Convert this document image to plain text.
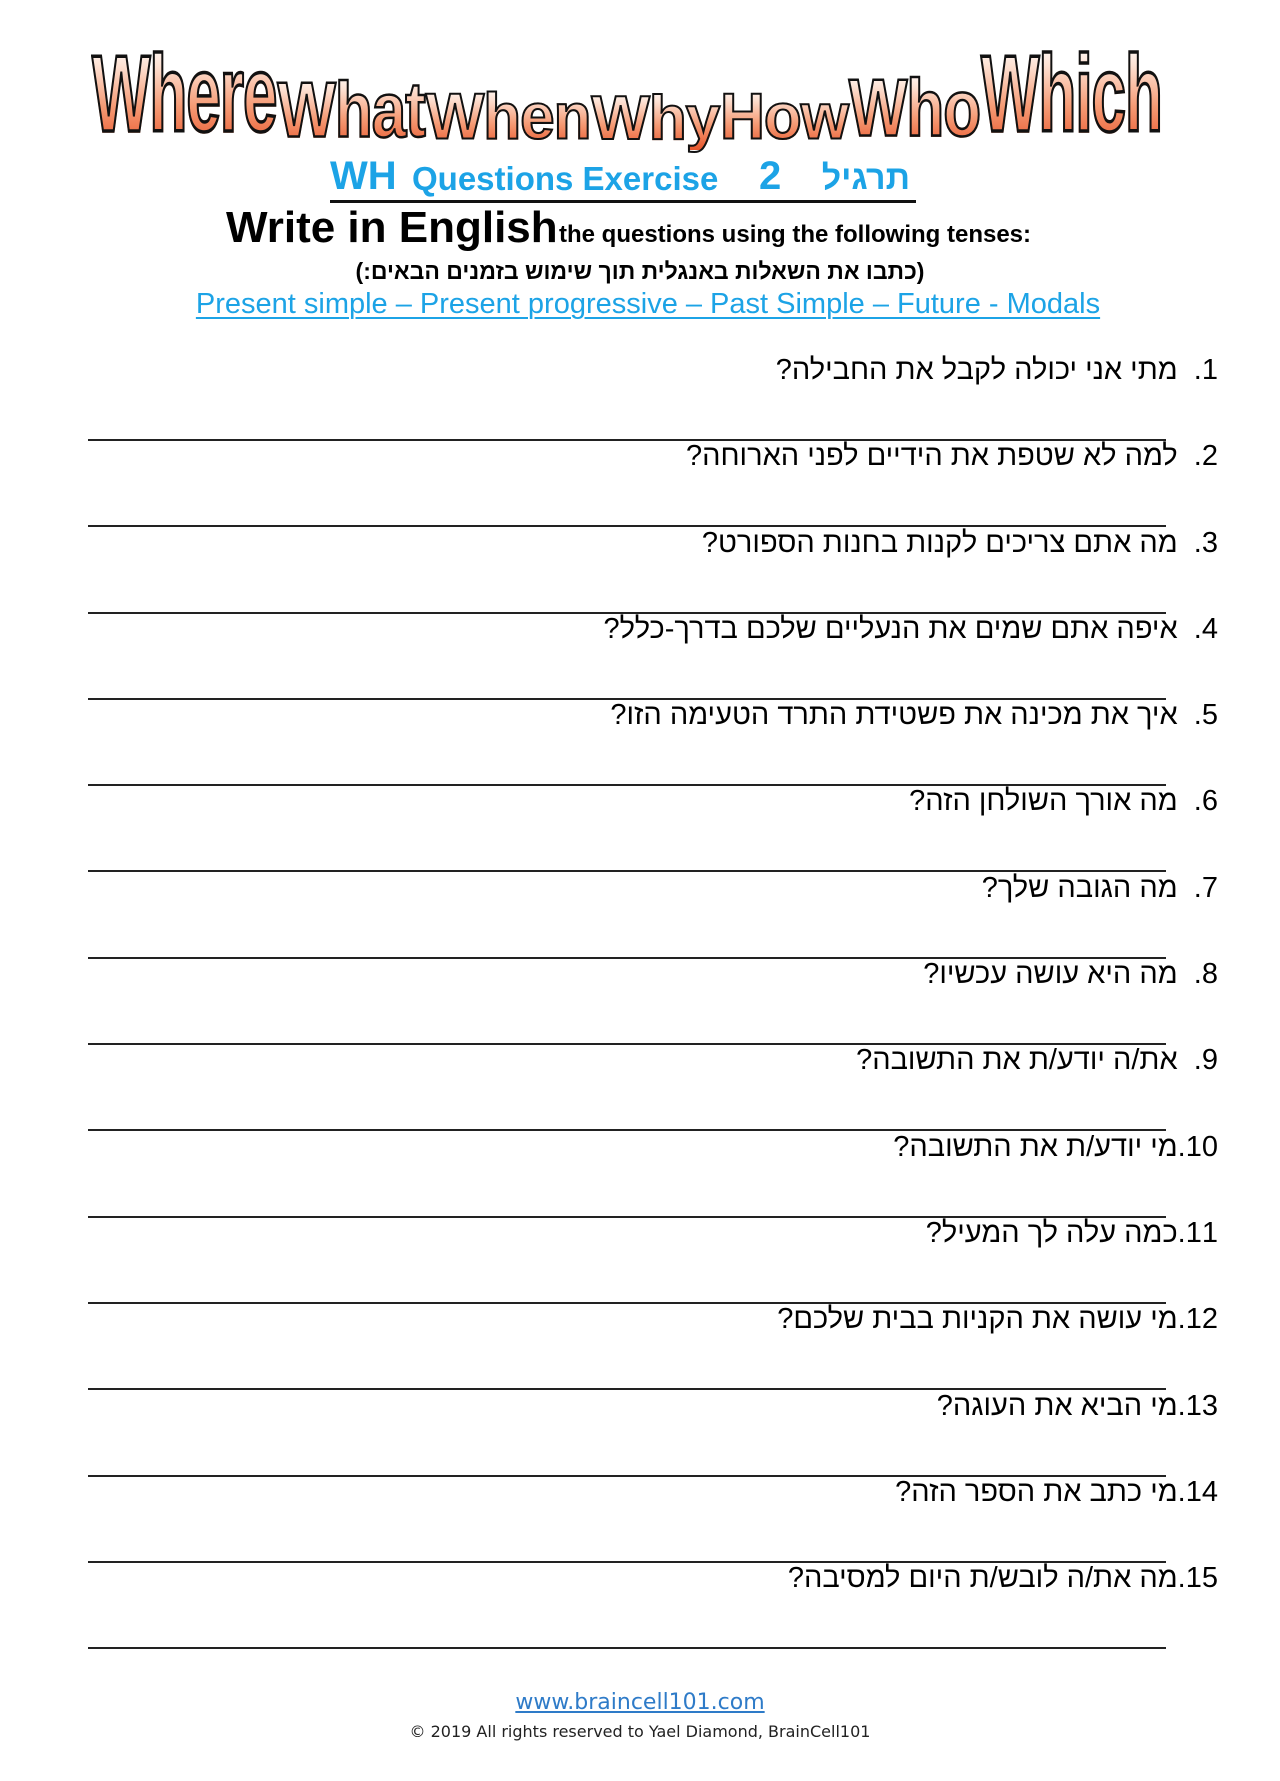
Where What When Why How Who Which
WH Questions Exercise 2 תרגיל
Write in English the questions using the following tenses:
(כתבו את השאלות באנגלית תוך שימוש בזמנים הבאים:)
Present simple – Present progressive – Past Simple – Future - Modals
1.  מתי אני יכולה לקבל את החבילה?
2.  למה לא שטפת את הידיים לפני הארוחה?
3.  מה אתם צריכים לקנות בחנות הספורט?
4.  איפה אתם שמים את הנעליים שלכם בדרך-כלל?
5.  איך את מכינה את פשטידת התרד הטעימה הזו?
6.  מה אורך השולחן הזה?
7.  מה הגובה שלך?
8.  מה היא עושה עכשיו?
9.  את/ה יודע/ת את התשובה?
10.מי יודע/ת את התשובה?
11.כמה עלה לך המעיל?
12.מי עושה את הקניות בבית שלכם?
13.מי הביא את העוגה?
14.מי כתב את הספר הזה?
15.מה את/ה לובש/ת היום למסיבה?
www.braincell101.com
© 2019 All rights reserved to Yael Diamond, BrainCell101
